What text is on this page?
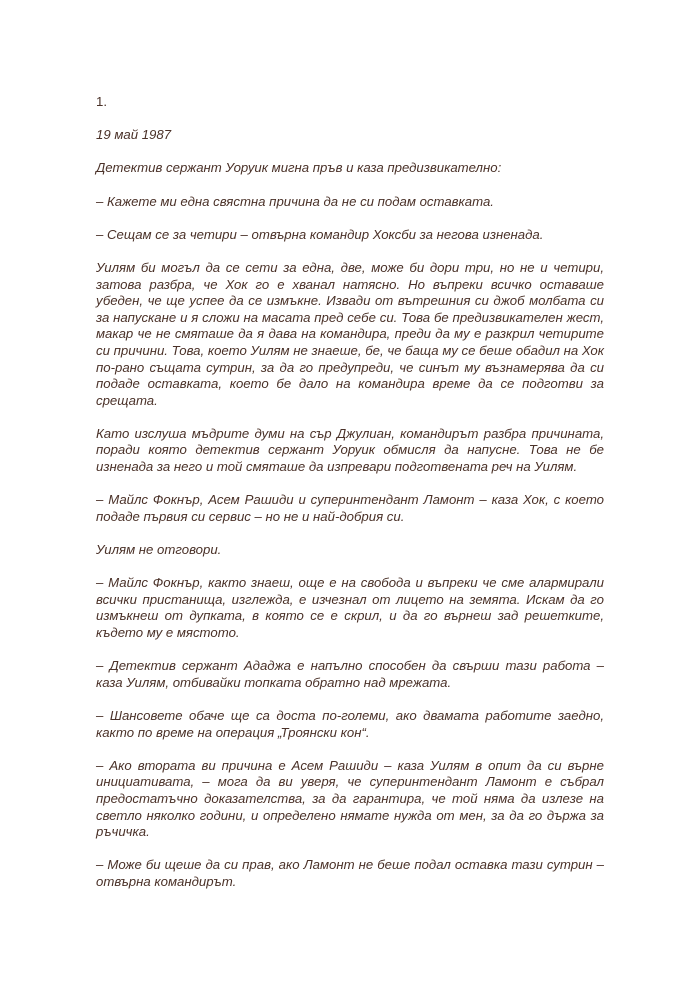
1.

19 май 1987

Детектив сержант Уоруик мигна пръв и каза предизвикателно:

– Кажете ми една свястна причина да не си подам оставката.

– Сещам се за четири – отвърна командир Хоксби за негова изненада.

Уилям би могъл да се сети за една, две, може би дори три, но не и четири, затова разбра, че Хок го е хванал натясно. Но въпреки всичко оставаше убеден, че ще успее да се измъкне. Извади от вътрешния си джоб молбата си за напускане и я сложи на масата пред себе си. Това бе предизвикателен жест, макар че не смяташе да я дава на командира, преди да му е разкрил четирите си причини. Това, което Уилям не знаеше, бе, че баща му се беше обадил на Хок по-рано същата сутрин, за да го предупреди, че синът му възнамерява да си подаде оставката, което бе дало на командира време да се подготви за срещата.

Като изслуша мъдрите думи на сър Джулиан, командирът разбра причината, поради която детектив сержант Уоруик обмисля да напусне. Това не бе изненада за него и той смяташе да изпревари подготвената реч на Уилям.

– Майлс Фокнър, Асем Рашиди и суперинтендант Ламонт – каза Хок, с което подаде първия си сервис – но не и най-добрия си.

Уилям не отговори.

– Майлс Фокнър, както знаеш, още е на свобода и въпреки че сме алармирали всички пристанища, изглежда, е изчезнал от лицето на земята. Искам да го измъкнеш от дупката, в която се е скрил, и да го върнеш зад решетките, където му е мястото.

– Детектив сержант Ададжа е напълно способен да свърши тази работа – каза Уилям, отбивайки топката обратно над мрежата.

– Шансовете обаче ще са доста по-големи, ако двамата работите заедно, както по време на операция „Троянски кон“.

– Ако втората ви причина е Асем Рашиди – каза Уилям в опит да си върне инициативата, – мога да ви уверя, че суперинтендант Ламонт е събрал предостатъчно доказателства, за да гарантира, че той няма да излезе на светло няколко години, и определено нямате нужда от мен, за да го държа за ръчичка.

– Може би щеше да си прав, ако Ламонт не беше подал оставка тази сутрин – отвърна командирът.
